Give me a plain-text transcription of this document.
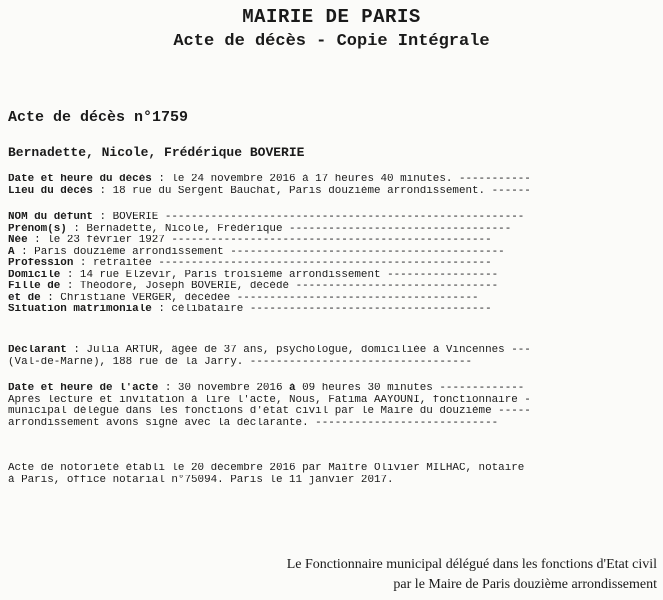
MAIRIE DE PARIS
Acte de décès - Copie Intégrale
Acte de décès n°1759
Bernadette, Nicole, Frédérique BOVERIE
Date et heure du décès : le 24 novembre 2016 à 17 heures 40 minutes. -----------
Lieu du décès : 18 rue du Sergent Bauchat, Paris douzième arrondissement. ------
NOM du défunt : BOVERIE -------------------------------------------------------
Prénom(s) : Bernadette, Nicole, Frédérique ----------------------------------
Née : le 23 février 1927 -------------------------------------------------
À : Paris douzième arrondissement ------------------------------------------
Profession : retraitée ---------------------------------------------------
Domicile : 14 rue Elzevir, Paris troisième arrondissement -----------------
Fille de : Théodore, Joseph BOVERIE, décédé -------------------------------
et de : Christiane VERGER, décédée -------------------------------------
Situation matrimoniale : célibataire -------------------------------------
Déclarant : Julia ARTUR, âgée de 37 ans, psychologue, domiciliée à Vincennes ---
(Val-de-Marne), 188 rue de la Jarry. ----------------------------------
Date et heure de l'acte : 30 novembre 2016 à 09 heures 30 minutes -------------
Après lecture et invitation à lire l'acte, Nous, Fatima AAYOUNI, fonctionnaire -
municipal délégué dans les fonctions d'état civil par le Maire du douzième -----
arrondissement avons signé avec la déclarante. ----------------------------
Acte de notoriété établi le 20 décembre 2016 par Maître Olivier MILHAC, notaire
à Paris, office notarial n°75094. Paris le 11 janvier 2017.
Le Fonctionnaire municipal délégué dans les fonctions d'Etat civil
par le Maire de Paris douzième arrondissement
